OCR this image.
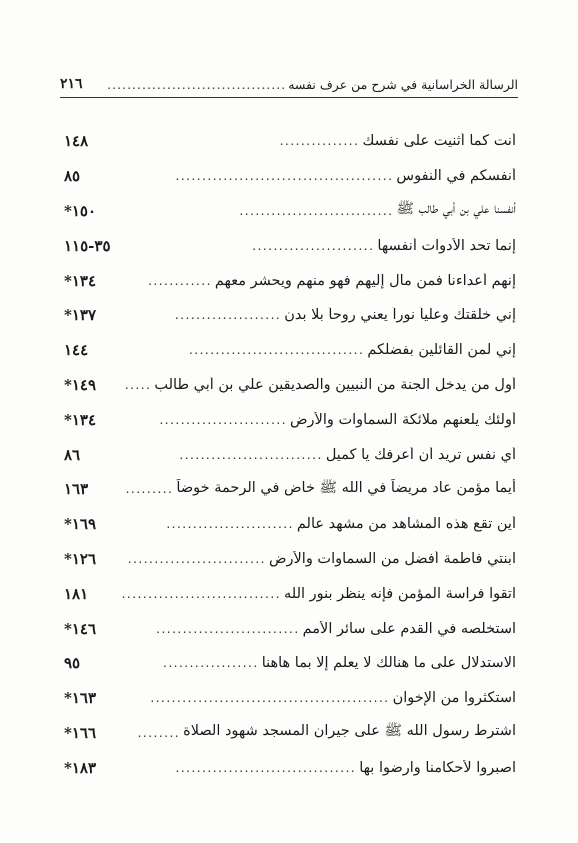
الرسالة الخراسانية في شرح من عرف نفسه
....................................
٢١٦
أنت كما أثنيت على نفسك
...............
١٤٨
أنفسكم في النفوس
.........................................
٨٥
أنفسنا علي بن أبي طالب ﷺ
.............................
١٥٠*
إنما تحد الأدوات أنفسها
.......................
٣٥-١١٥
إنهم أعداءنا فمن مال إليهم فهو منهم ويحشر معهم
............
١٣٤*
إني خلقتك وعلياً نوراً يعني روحاً بلا بدن
....................
١٣٧*
إني لمن القائلين بفضلكم
.................................
١٤٤
أول من يدخل الجنة من النبيين والصديقين علي بن أبي طالب
.....
١٤٩*
أولئك يلعنهم ملائكة السماوات والأرض
........................
١٣٤*
أي نفس تريد أن أعرفك يا كميل
...........................
٨٦
أيما مؤمن عاد مريضاً في الله ﷺ خاض في الرحمة خوضاً
.........
١٦٣
أين تقع هذه المشاهد من مشهد عالم
........................
١٦٩*
ابنتي فاطمة أفضل من السماوات والأرض
..........................
١٢٦*
اتقوا فراسة المؤمن فإنه ينظر بنور الله
..............................
١٨١
استخلصه في القدم على سائر الأمم
...........................
١٤٦*
الاستدلال على ما هنالك لا يعلم إلا بما هاهنا
..................
٩٥
استكثروا من الإخوان
.............................................
١٦٣*
اشترط رسول الله ﷺ على جيران المسجد شهود الصلاة
........
١٦٦*
اصبروا لأحكامنا وارضوا بها
..................................
١٨٣*
